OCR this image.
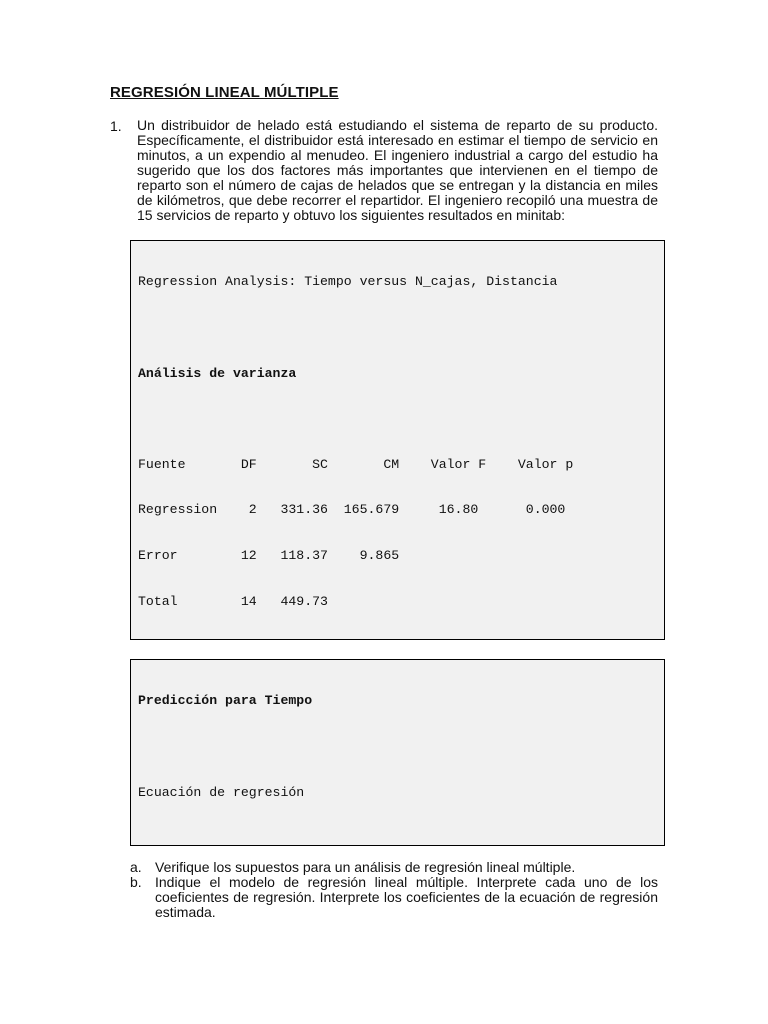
REGRESIÓN LINEAL MÚLTIPLE
1. Un distribuidor de helado está estudiando el sistema de reparto de su producto. Específicamente, el distribuidor está interesado en estimar el tiempo de servicio en minutos, a un expendio al menudeo. El ingeniero industrial a cargo del estudio ha sugerido que los dos factores más importantes que intervienen en el tiempo de reparto son el número de cajas de helados que se entregan y la distancia en miles de kilómetros, que debe recorrer el repartidor. El ingeniero recopiló una muestra de 15 servicios de reparto y obtuvo los siguientes resultados en minitab:

Regression Analysis: Tiempo versus N_cajas, Distancia

Análisis de varianza

Fuente       DF       SC       CM    Valor F    Valor p

Regression    2   331.36  165.679     16.80      0.000

Error        12   118.37    9.865

Total        14   449.73

Predicción para Tiempo

Ecuación de regresión

a. Verifique los supuestos para un análisis de regresión lineal múltiple.
b. Indique el modelo de regresión lineal múltiple. Interprete cada uno de los coeficientes de regresión. Interprete los coeficientes de la ecuación de regresión estimada.
